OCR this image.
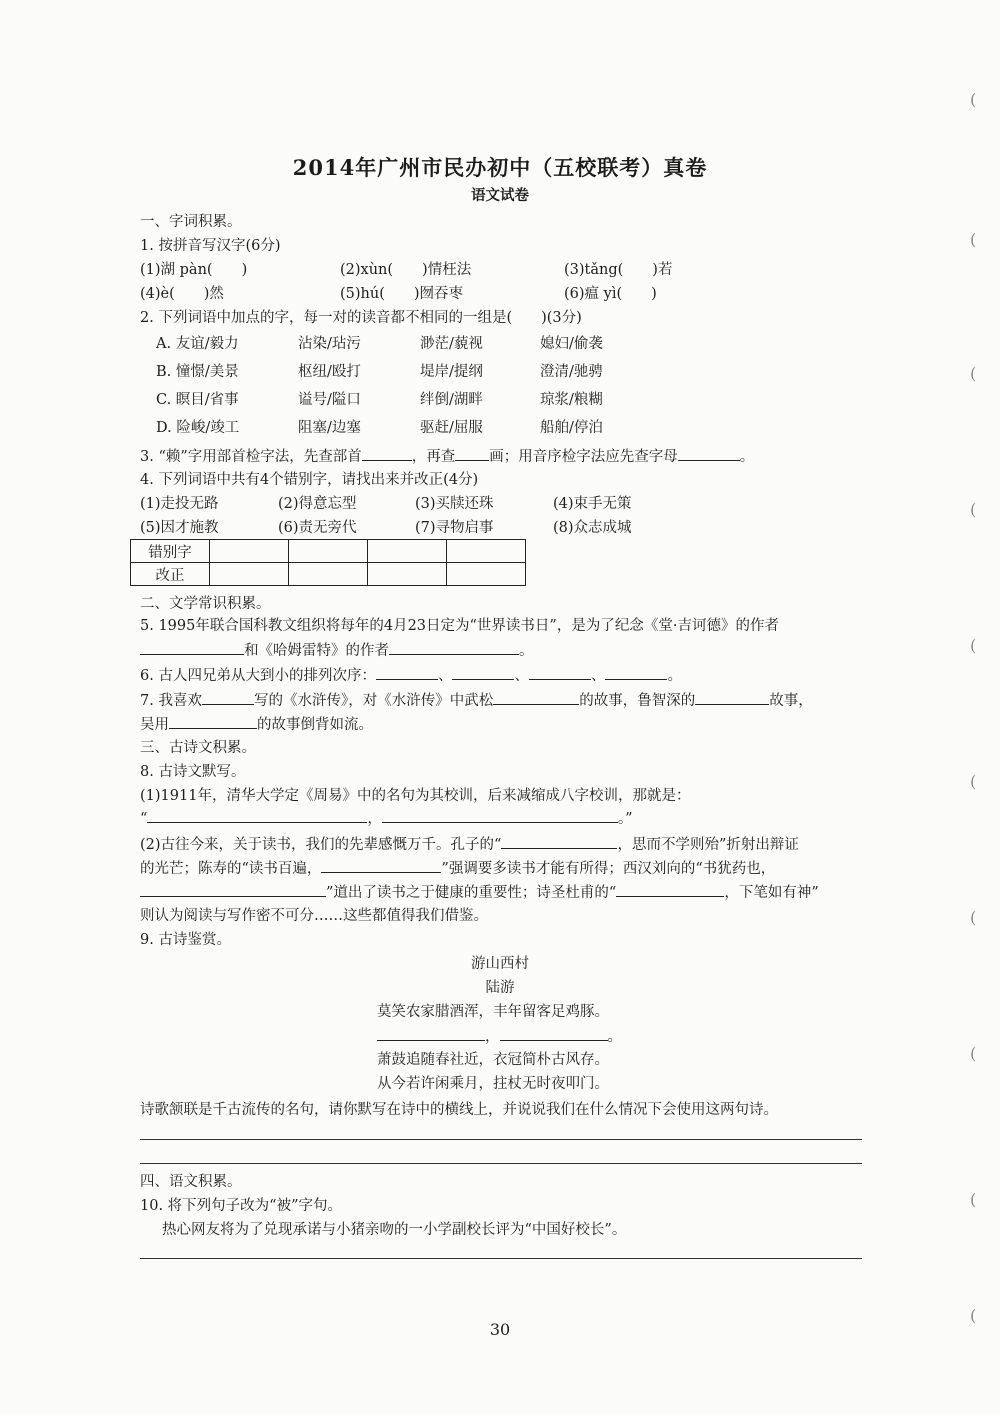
2014年广州市民办初中（五校联考）真卷
语文试卷
一、字词积累。
1. 按拼音写汉字(6分)
(1)湖 pàn(　　)	(2)xùn(　　)情枉法	(3)tǎng(　　)若
(4)è(　　)然	(5)hú(　　)囫吞枣	(6)瘟 yì(　　)
2. 下列词语中加点的字，每一对的读音都不相同的一组是(　　)(3分)
A. 友谊/毅力	沾染/玷污	渺茫/藐视	媳妇/偷袭
B. 憧憬/美景	枢纽/殴打	堤岸/提纲	澄清/驰骋
C. 瞑目/省事	谥号/隘口	绊倒/湖畔	琼浆/粮糊
D. 险峻/竣工	阻塞/边塞	驱赶/屈服	船舶/停泊
3. “赖”字用部首检字法，先查部首	，再查 画；用音序检字法应先查字母	。
4. 下列词语中共有4个错别字，请找出来并改正(4分)
(1)走投无路	(2)得意忘型	(3)买牍还珠	(4)束手无策
(5)因才施教	(6)责无旁代	(7)寻物启事	(8)众志成城
错别字				
改正				
二、文学常识积累。
5. 1995年联合国科教文组织将每年的4月23日定为“世界读书日”，是为了纪念《堂·吉诃德》的作者
和《哈姆雷特》的作者	。
6. 古人四兄弟从大到小的排列次序：	、	、	、	。
7. 我喜欢	写的《水浒传》，对《水浒传》中武松	的故事，鲁智深的	故事，
吴用	的故事倒背如流。
三、古诗文积累。
8. 古诗文默写。
(1)1911年，清华大学定《周易》中的名句为其校训，后来减缩成八字校训，那就是：
“	，	。”
(2)古往今来，关于读书，我们的先辈感慨万千。孔子的“	，思而不学则殆”折射出辩证
的光芒；陈寿的“读书百遍，	”强调要多读书才能有所得；西汉刘向的“书犹药也，
”道出了读书之于健康的重要性；诗圣杜甫的“	，下笔如有神”
则认为阅读与写作密不可分……这些都值得我们借鉴。
9. 古诗鉴赏。
游山西村
陆游
莫笑农家腊酒浑，丰年留客足鸡豚。
，	。
萧鼓追随春社近，衣冠简朴古风存。
从今若许闲乘月，拄杖无时夜叩门。
诗歌颔联是千古流传的名句，请你默写在诗中的横线上，并说说我们在什么情况下会使用这两句诗。
四、语文积累。
10. 将下列句子改为“被”字句。
热心网友将为了兑现承诺与小猪亲吻的一小学副校长评为“中国好校长”。
30
(
(
(
(
(
(
(
(
(
(
